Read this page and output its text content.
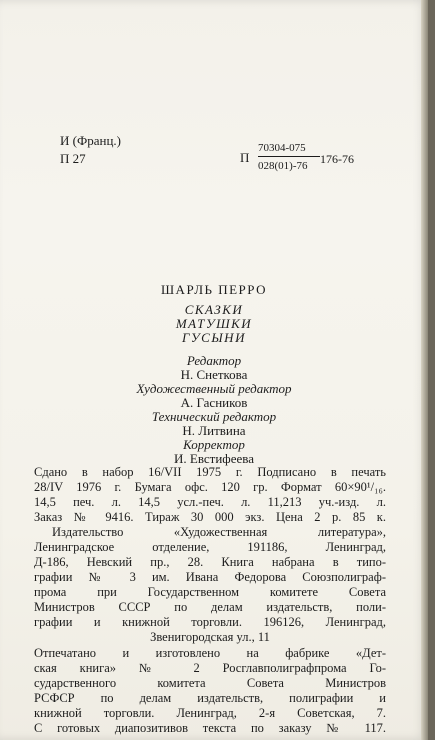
И (Франц.)
П 27	П
70304-075
028(01)-76 176-76
ШАРЛЬ ПЕРРО
СКАЗКИ
МАТУШКИ
ГУСЫНИ
Редактор
Н. Снеткова
Художественный редактор
А. Гасников
Технический редактор
Н. Литвина
Корректор
И. Евстифеева
Сдано в набор 16/VII 1975 г. Подписано в печать
28/IV 1976 г. Бумага офс. 120 гр. Формат 60×90¹/₁₆.
14,5 печ. л. 14,5 усл.-печ. л. 11,213 уч.-изд. л.
Заказ № 9416. Тираж 30 000 экз. Цена 2 р. 85 к.
Издательство «Художественная литература»,
Ленинградское отделение, 191186, Ленинград,
Д-186, Невский пр., 28. Книга набрана в типо-
графии № 3 им. Ивана Федорова Союзполиграф-
прома при Государственном комитете Совета
Министров СССР по делам издательств, поли-
графии и книжной торговли. 196126, Ленинград,
Звенигородская ул., 11
Отпечатано и изготовлено на фабрике «Дет-
ская книга» № 2 Росглавполиграфпрома Го-
сударственного комитета Совета Министров
РСФСР по делам издательств, полиграфии и
книжной торговли. Ленинград, 2-я Советская, 7.
С готовых диапозитивов текста по заказу № 117.
